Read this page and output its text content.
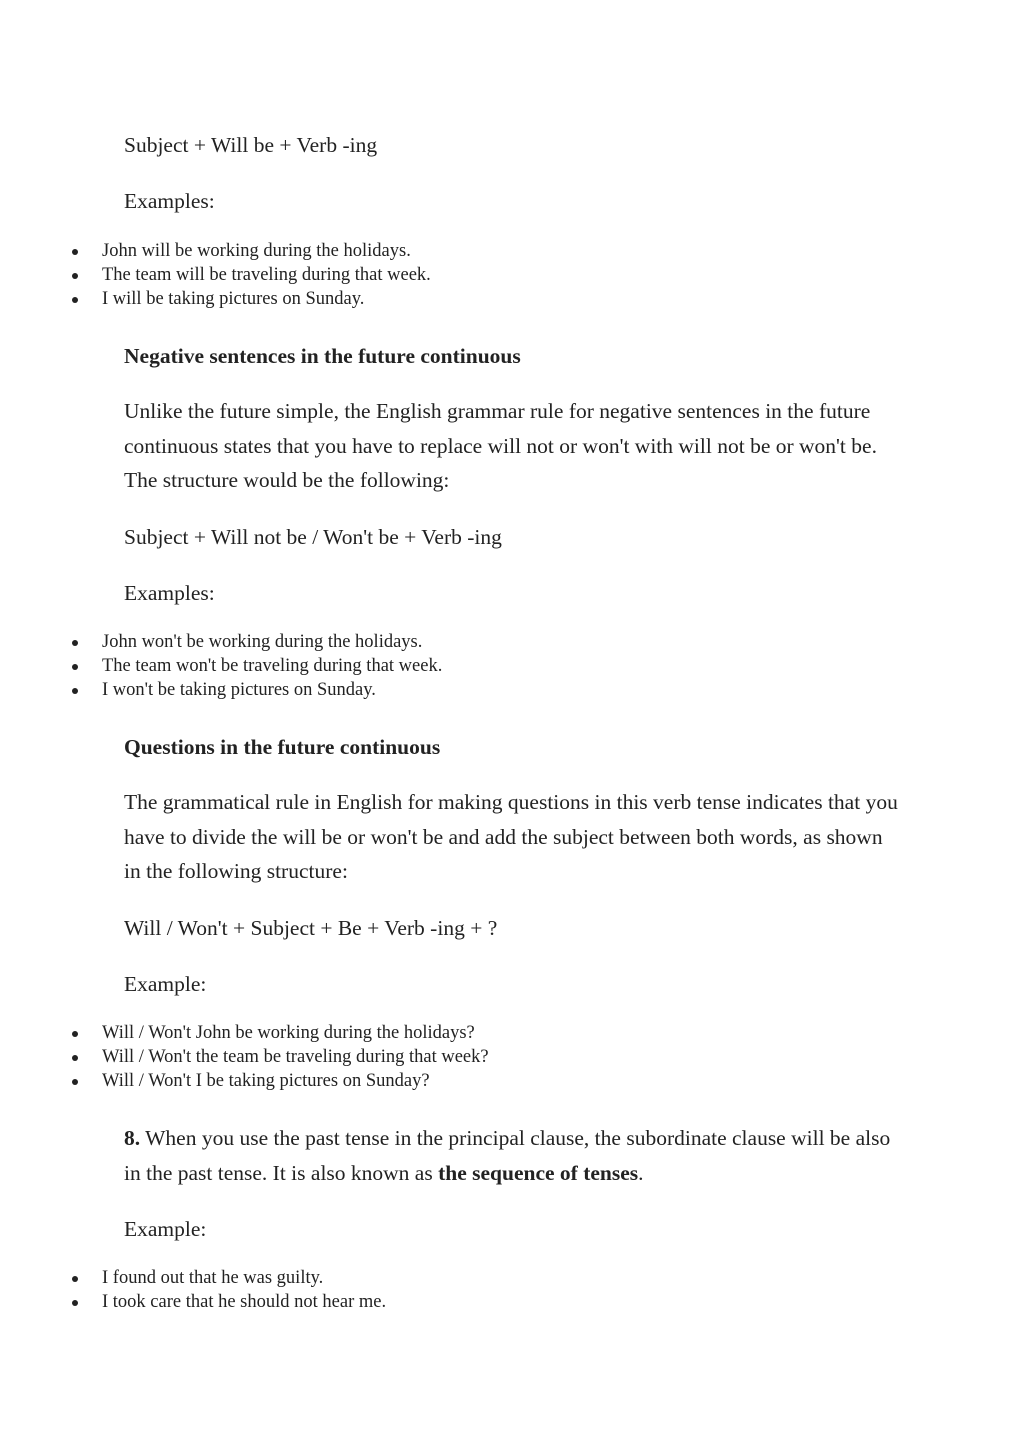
Subject + Will be + Verb -ing

Examples:

John will be working during the holidays.
The team will be traveling during that week.
I will be taking pictures on Sunday.
Negative sentences in the future continuous

Unlike the future simple, the English grammar rule for negative sentences in the future continuous states that you have to replace will not or won't with will not be or won't be. The structure would be the following:

Subject + Will not be / Won't be + Verb -ing

Examples:

John won't be working during the holidays.
The team won't be traveling during that week.
I won't be taking pictures on Sunday.
Questions in the future continuous

The grammatical rule in English for making questions in this verb tense indicates that you have to divide the will be or won't be and add the subject between both words, as shown in the following structure:

Will / Won't + Subject + Be + Verb -ing + ?

Example:

Will / Won't John be working during the holidays?
Will / Won't the team be traveling during that week?
Will / Won't I be taking pictures on Sunday?

8. When you use the past tense in the principal clause, the subordinate clause will be also in the past tense. It is also known as the sequence of tenses.

Example:

I found out that he was guilty.
I took care that he should not hear me.
